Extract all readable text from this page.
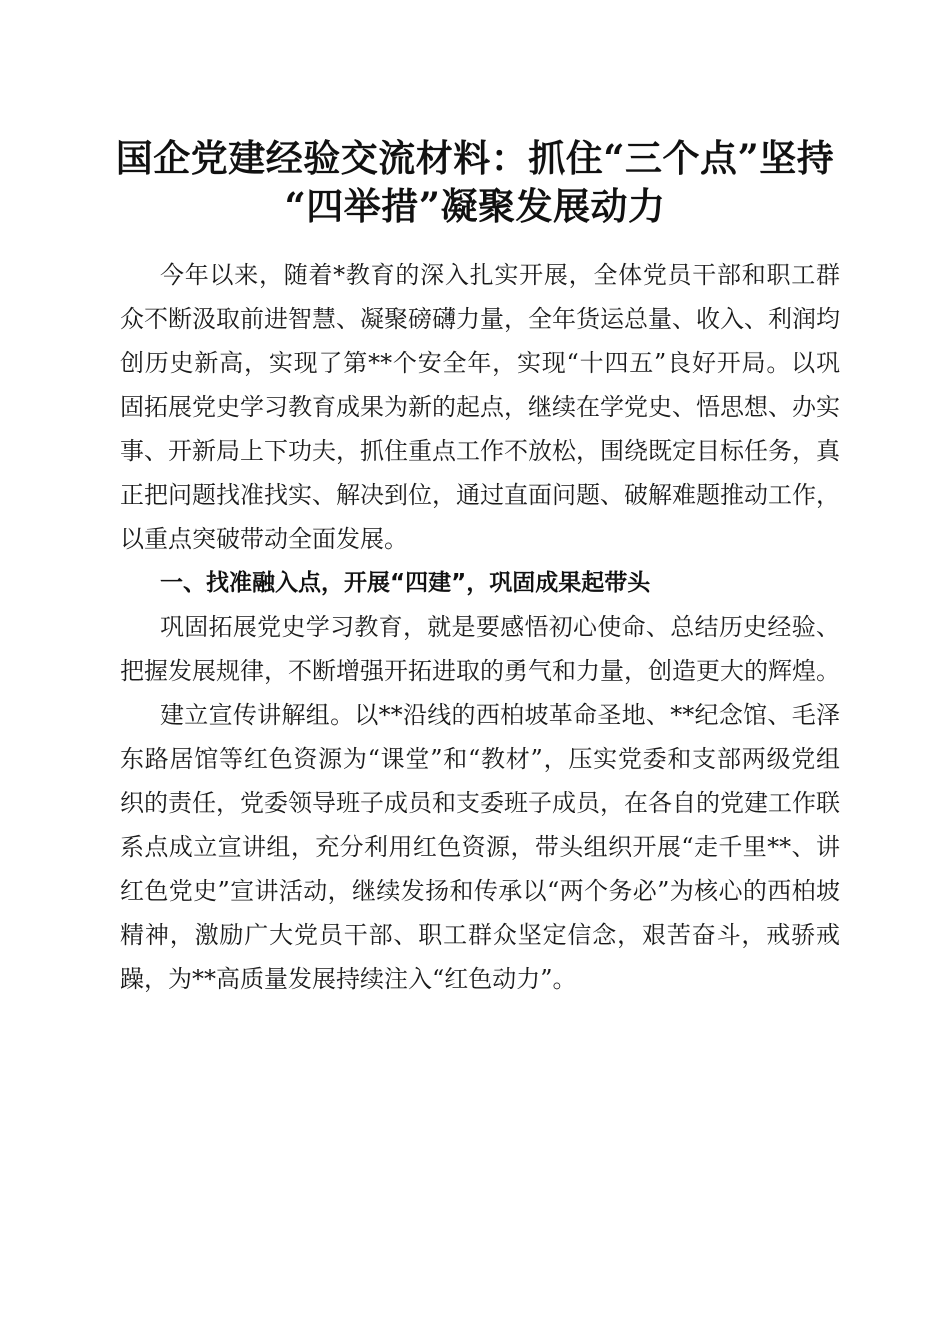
国企党建经验交流材料：抓住“三个点”坚持
“四举措”凝聚发展动力

今年以来，随着*教育的深入扎实开展，全体党员干部和职工群众不断汲取前进智慧、凝聚磅礴力量，全年货运总量、收入、利润均创历史新高，实现了第**个安全年，实现“十四五”良好开局。以巩固拓展党史学习教育成果为新的起点，继续在学党史、悟思想、办实事、开新局上下功夫，抓住重点工作不放松，围绕既定目标任务，真正把问题找准找实、解决到位，通过直面问题、破解难题推动工作，以重点突破带动全面发展。

一、找准融入点，开展“四建”，巩固成果起带头

巩固拓展党史学习教育，就是要感悟初心使命、总结历史经验、把握发展规律，不断增强开拓进取的勇气和力量，创造更大的辉煌。

建立宣传讲解组。以**沿线的西柏坡革命圣地、**纪念馆、毛泽东路居馆等红色资源为“课堂”和“教材”，压实党委和支部两级党组织的责任，党委领导班子成员和支委班子成员，在各自的党建工作联系点成立宣讲组，充分利用红色资源，带头组织开展“走千里**、讲红色党史”宣讲活动，继续发扬和传承以“两个务必”为核心的西柏坡精神，激励广大党员干部、职工群众坚定信念，艰苦奋斗，戒骄戒躁，为**高质量发展持续注入“红色动力”。
